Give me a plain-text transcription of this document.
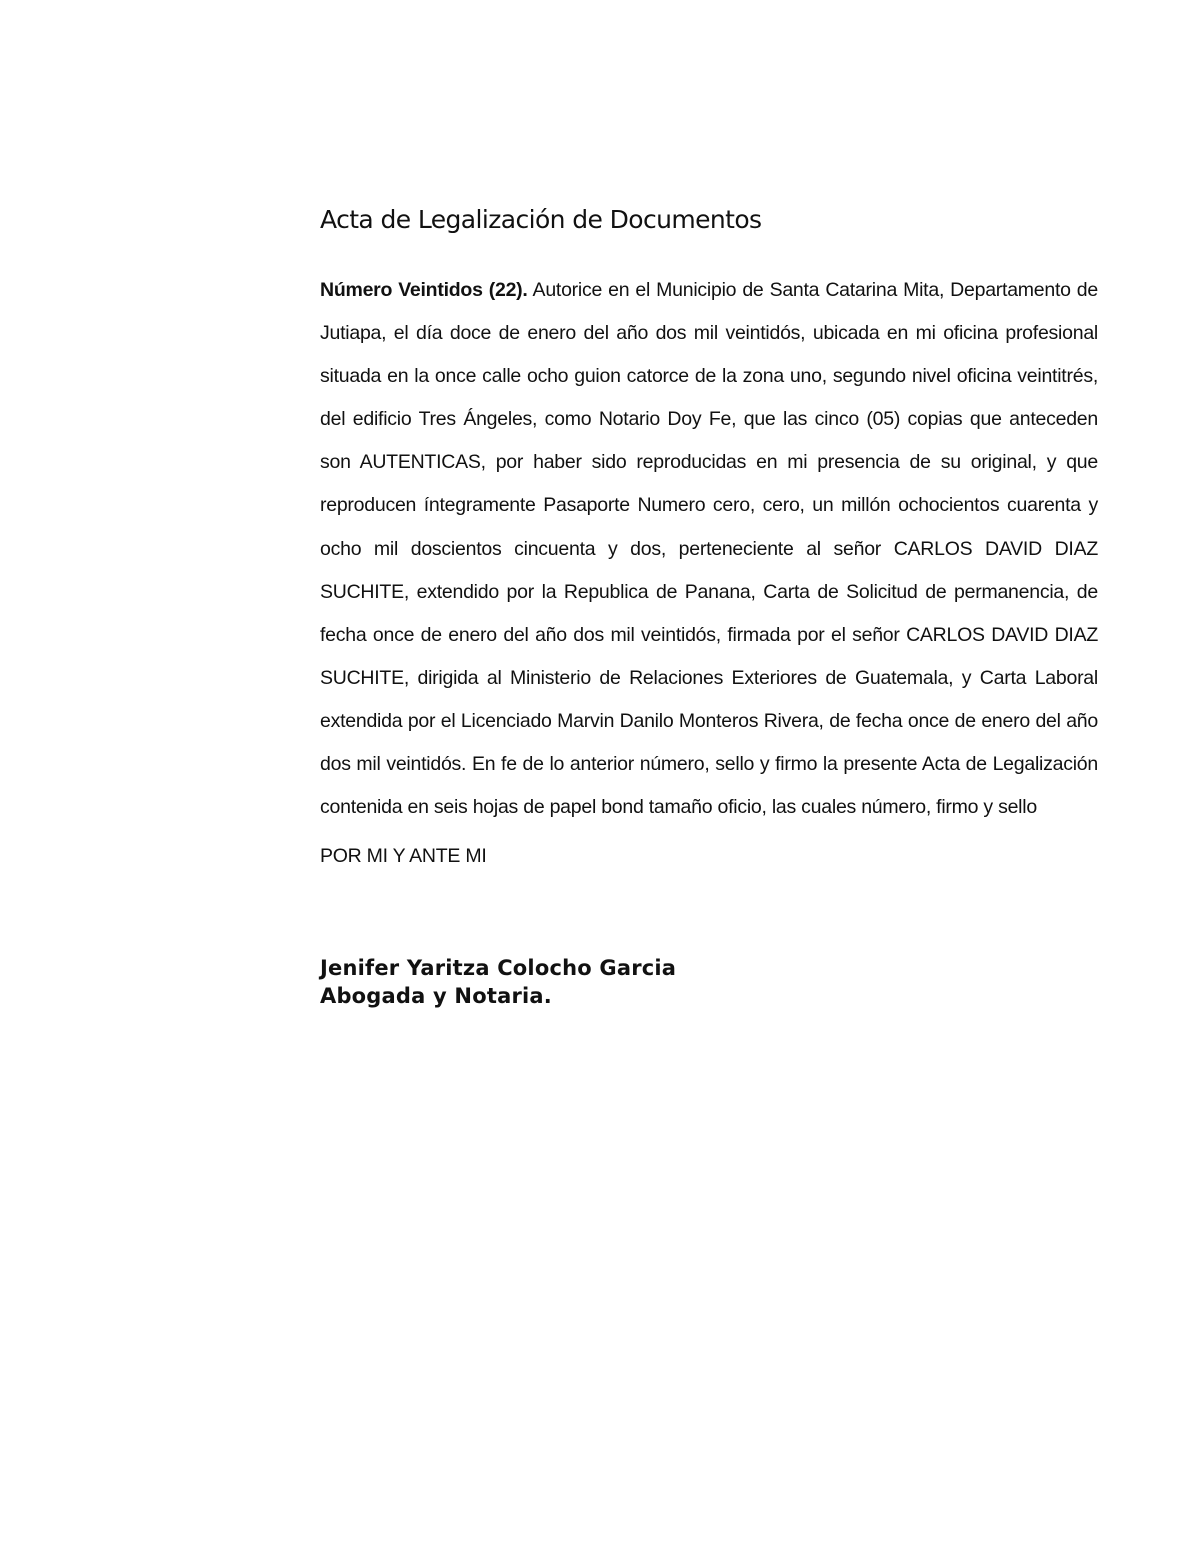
Acta de Legalización de Documentos

Número Veintidos (22). Autorice en el Municipio de Santa Catarina Mita, Departamento de Jutiapa, el día doce de enero del año dos mil veintidós, ubicada en mi oficina profesional situada en la once calle ocho guion catorce de la zona uno, segundo nivel oficina veintitrés, del edificio Tres Ángeles, como Notario Doy Fe, que las cinco (05) copias que anteceden son AUTENTICAS, por haber sido reproducidas en mi presencia de su original, y que reproducen íntegramente Pasaporte Numero cero, cero, un millón ochocientos cuarenta y ocho mil doscientos cincuenta y dos, perteneciente al señor CARLOS DAVID DIAZ SUCHITE, extendido por la Republica de Panana, Carta de Solicitud de permanencia, de fecha once de enero del año dos mil veintidós, firmada por el señor CARLOS DAVID DIAZ SUCHITE, dirigida al Ministerio de Relaciones Exteriores de Guatemala, y Carta Laboral extendida por el Licenciado Marvin Danilo Monteros Rivera, de fecha once de enero del año dos mil veintidós. En fe de lo anterior número, sello y firmo la presente Acta de Legalización contenida en seis hojas de papel bond tamaño oficio, las cuales número, firmo y sello

POR MI Y ANTE MI

Jenifer Yaritza Colocho Garcia
Abogada y Notaria.
